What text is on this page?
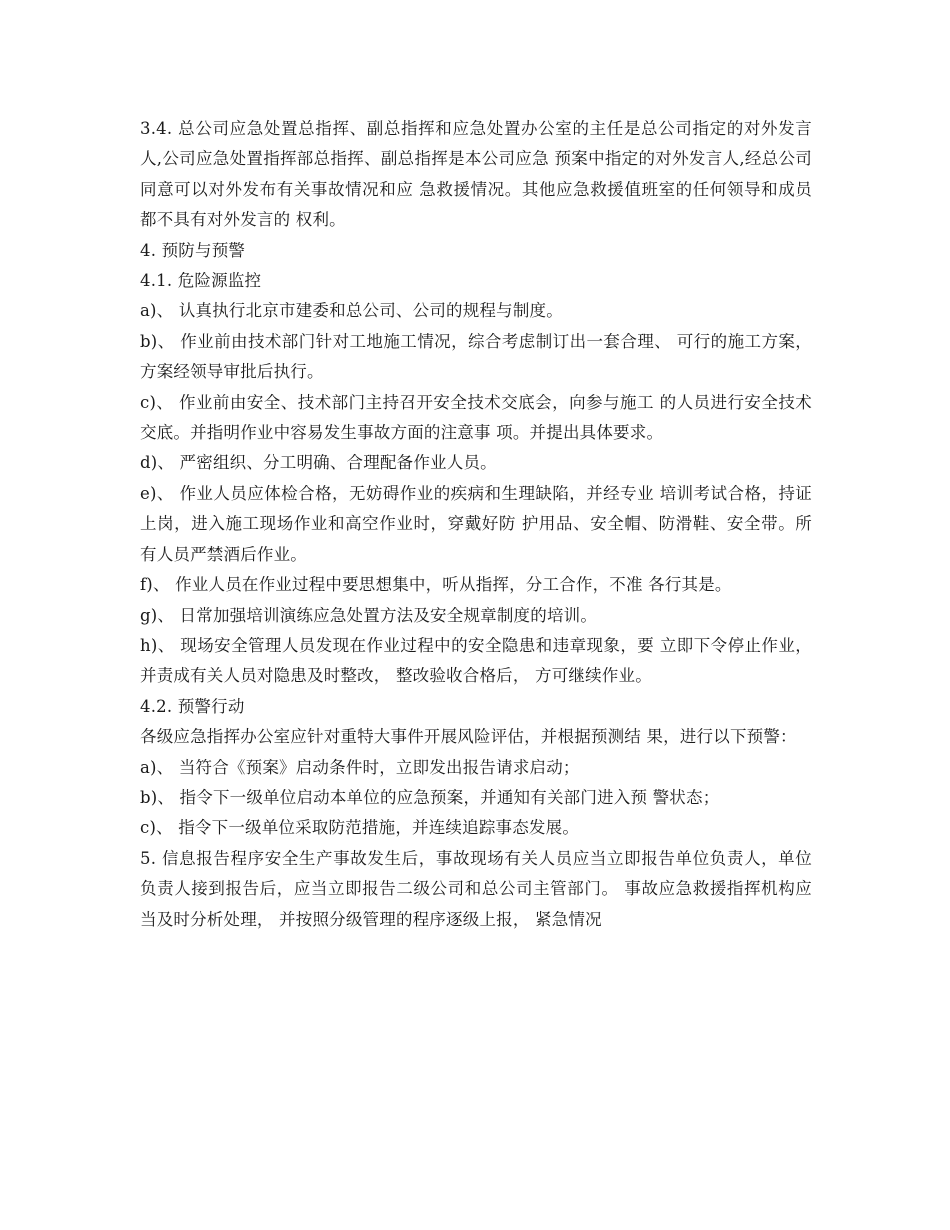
3.4. 总公司应急处置总指挥、副总指挥和应急处置办公室的主任是总公司指定的对外发言人,公司应急处置指挥部总指挥、副总指挥是本公司应急 预案中指定的对外发言人,经总公司同意可以对外发布有关事故情况和应 急救援情况。其他应急救援值班室的任何领导和成员都不具有对外发言的 权利。

4. 预防与预警

4.1. 危险源监控

a)、 认真执行北京市建委和总公司、公司的规程与制度。

b)、 作业前由技术部门针对工地施工情况，综合考虑制订出一套合理、 可行的施工方案，方案经领导审批后执行。

c)、 作业前由安全、技术部门主持召开安全技术交底会，向参与施工 的人员进行安全技术交底。并指明作业中容易发生事故方面的注意事 项。并提出具体要求。

d)、 严密组织、分工明确、合理配备作业人员。

e)、 作业人员应体检合格，无妨碍作业的疾病和生理缺陷，并经专业 培训考试合格，持证上岗，进入施工现场作业和高空作业时，穿戴好防 护用品、安全帽、防滑鞋、安全带。所有人员严禁酒后作业。

f)、 作业人员在作业过程中要思想集中，听从指挥，分工合作，不准 各行其是。

g)、 日常加强培训演练应急处置方法及安全规章制度的培训。

h)、 现场安全管理人员发现在作业过程中的安全隐患和违章现象，要 立即下令停止作业， 并责成有关人员对隐患及时整改， 整改验收合格后， 方可继续作业。

4.2. 预警行动

各级应急指挥办公室应针对重特大事件开展风险评估，并根据预测结 果，进行以下预警：

a)、 当符合《预案》启动条件时，立即发出报告请求启动；

b)、 指令下一级单位启动本单位的应急预案，并通知有关部门进入预 警状态；

c)、 指令下一级单位采取防范措施，并连续追踪事态发展。

5. 信息报告程序安全生产事故发生后，事故现场有关人员应当立即报告单位负责人，单位 负责人接到报告后，应当立即报告二级公司和总公司主管部门。 事故应急救援指挥机构应当及时分析处理， 并按照分级管理的程序逐级上报， 紧急情况
